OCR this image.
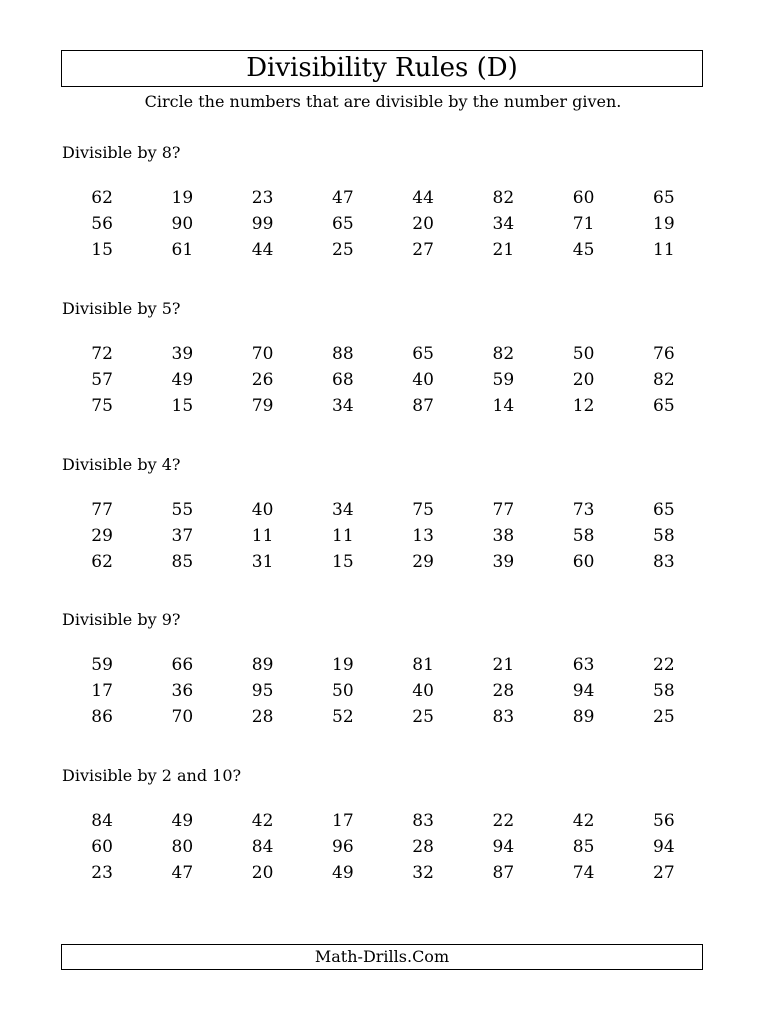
Divisibility Rules (D)
Circle the numbers that are divisible by the number given.
Divisible by 8?
62	19	23	47	44	82	60	65
56	90	99	65	20	34	71	19
15	61	44	25	27	21	45	11
Divisible by 5?
72	39	70	88	65	82	50	76
57	49	26	68	40	59	20	82
75	15	79	34	87	14	12	65
Divisible by 4?
77	55	40	34	75	77	73	65
29	37	11	11	13	38	58	58
62	85	31	15	29	39	60	83
Divisible by 9?
59	66	89	19	81	21	63	22
17	36	95	50	40	28	94	58
86	70	28	52	25	83	89	25
Divisible by 2 and 10?
84	49	42	17	83	22	42	56
60	80	84	96	28	94	85	94
23	47	20	49	32	87	74	27
Math-Drills.Com
